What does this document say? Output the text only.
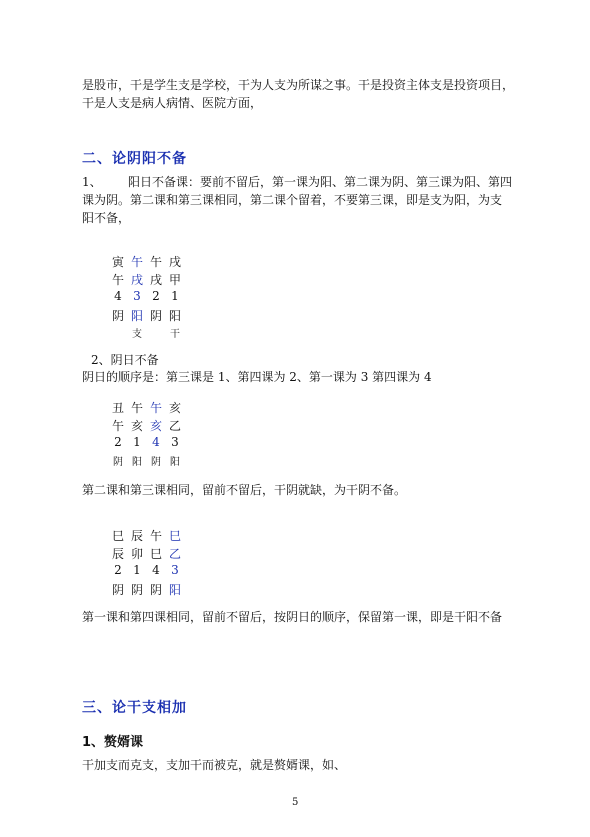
是股市，干是学生支是学校，干为人支为所谋之事。干是投资主体支是投资项目，
干是人支是病人病情、医院方面，
二、论阴阳不备
1、 阳日不备课：要前不留后，第一课为阳、第二课为阴、第三课为阳、第四
课为阴。第二课和第三课相同，第二课个留着，不要第三课，即是支为阳，为支
阳不备，
寅 午 午 戌
午 戌 戌 甲
4 3 2 1
阴 阳 阴 阳
支	干
2、阴日不备
阴日的顺序是：第三课是 1、第四课为 2、第一课为 3 第四课为 4
丑 午 午 亥
午 亥 亥 乙
2 1 4 3
阴 阳 阴 阳
第二课和第三课相同，留前不留后，干阴就缺，为干阴不备。
巳 辰 午 巳
辰 卯 巳 乙
2 1 4 3
阴 阴 阴 阳
第一课和第四课相同，留前不留后，按阴日的顺序，保留第一课，即是干阳不备
三、论干支相加
1、赘婿课
干加支而克支，支加干而被克，就是赘婿课，如、
5
